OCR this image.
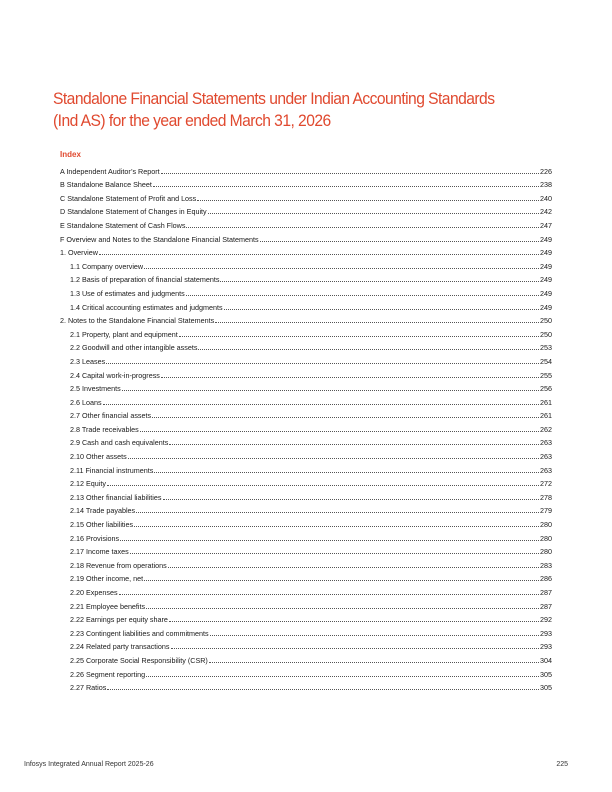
Standalone Financial Statements under Indian Accounting Standards (Ind AS) for the year ended March 31, 2026
Index
A Independent Auditor’s Report	226
B Standalone Balance Sheet	238
C Standalone Statement of Profit and Loss	240
D Standalone Statement of Changes in Equity	242
E Standalone Statement of Cash Flows	247
F Overview and Notes to the Standalone Financial Statements	249
1. Overview	249
1.1 Company overview	249
1.2 Basis of preparation of financial statements	249
1.3 Use of estimates and judgments	249
1.4 Critical accounting estimates and judgments	249
2. Notes to the Standalone Financial Statements	250
2.1 Property, plant and equipment	250
2.2 Goodwill and other intangible assets	253
2.3 Leases	254
2.4 Capital work-in-progress	255
2.5 Investments	256
2.6 Loans	261
2.7 Other financial assets	261
2.8 Trade receivables	262
2.9 Cash and cash equivalents	263
2.10 Other assets	263
2.11 Financial instruments	263
2.12 Equity	272
2.13 Other financial liabilities	278
2.14 Trade payables	279
2.15 Other liabilities	280
2.16 Provisions	280
2.17 Income taxes	280
2.18 Revenue from operations	283
2.19 Other income, net	286
2.20 Expenses	287
2.21 Employee benefits	287
2.22 Earnings per equity share	292
2.23 Contingent liabilities and commitments	293
2.24 Related party transactions	293
2.25 Corporate Social Responsibility (CSR)	304
2.26 Segment reporting	305
2.27 Ratios	305
Infosys Integrated Annual Report 2025-26	225
